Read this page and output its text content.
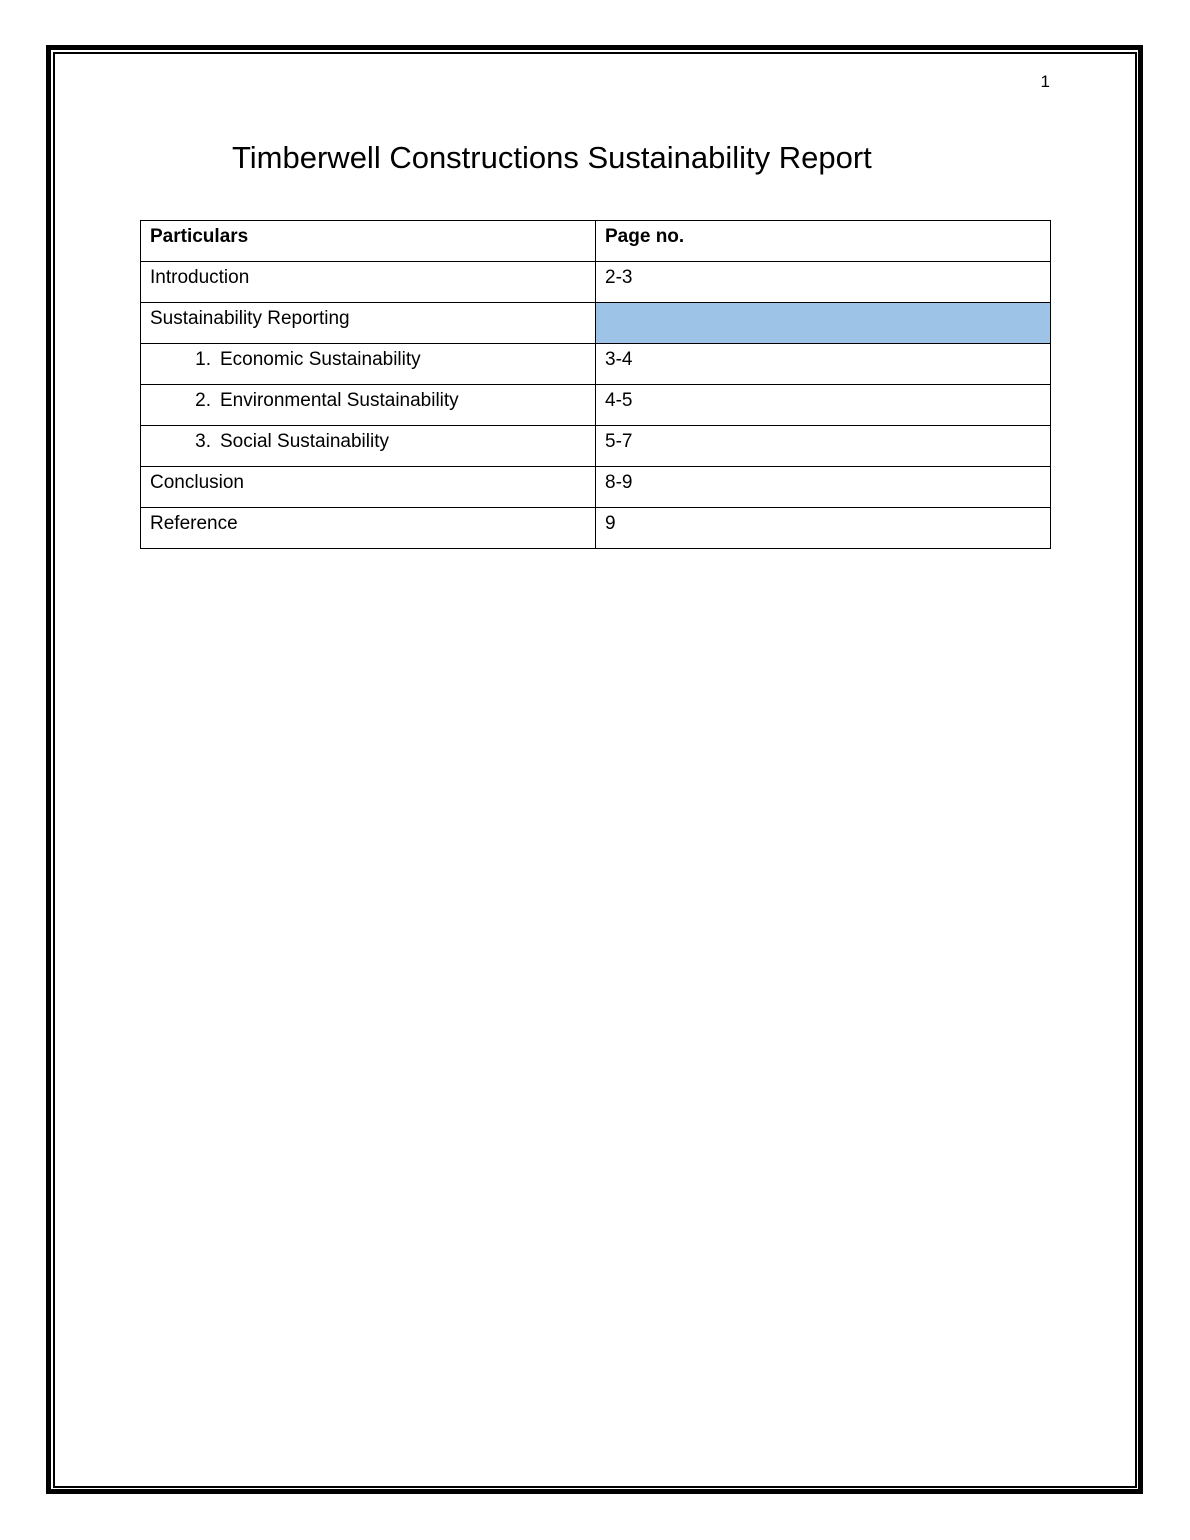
1
Timberwell Constructions Sustainability Report
Particulars	Page no.
Introduction	2-3
Sustainability Reporting	
1. Economic Sustainability	3-4
2. Environmental Sustainability	4-5
3. Social Sustainability	5-7
Conclusion	8-9
Reference	9
